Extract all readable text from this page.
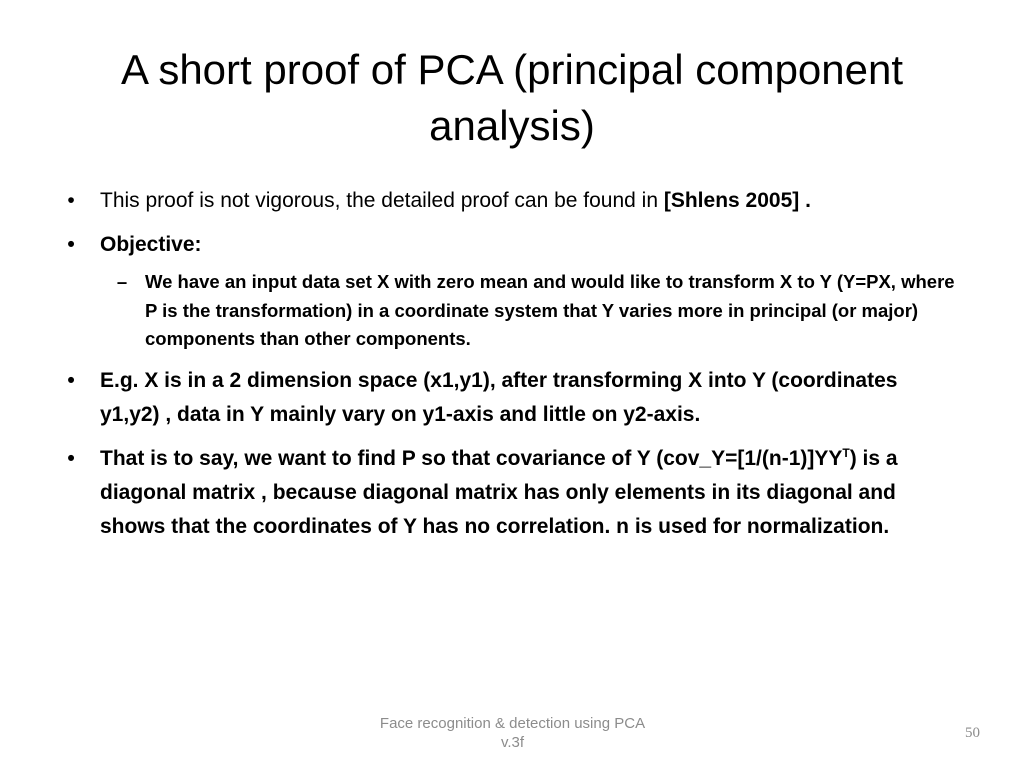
A short proof of PCA (principal component
analysis)
•	This proof is not vigorous, the detailed proof can be found in [Shlens 2005] .
•	Objective:
– We have an input data set X with zero mean and would like to transform X to Y (Y=PX, where P is the transformation) in a coordinate system that Y varies more in principal (or major) components than other components.
•	E.g. X is in a 2 dimension space (x1,y1), after transforming X into Y (coordinates y1,y2) , data in Y mainly vary on y1-axis and little on y2-axis.
•	That is to say, we want to find P so that covariance of Y $(cov\_Y=[1/(n-1)]YY^T)$ is a diagonal matrix , because diagonal matrix has only elements in its diagonal and shows that the coordinates of Y has no correlation. n is used for normalization.
Face recognition & detection using PCA
v.3f
50
